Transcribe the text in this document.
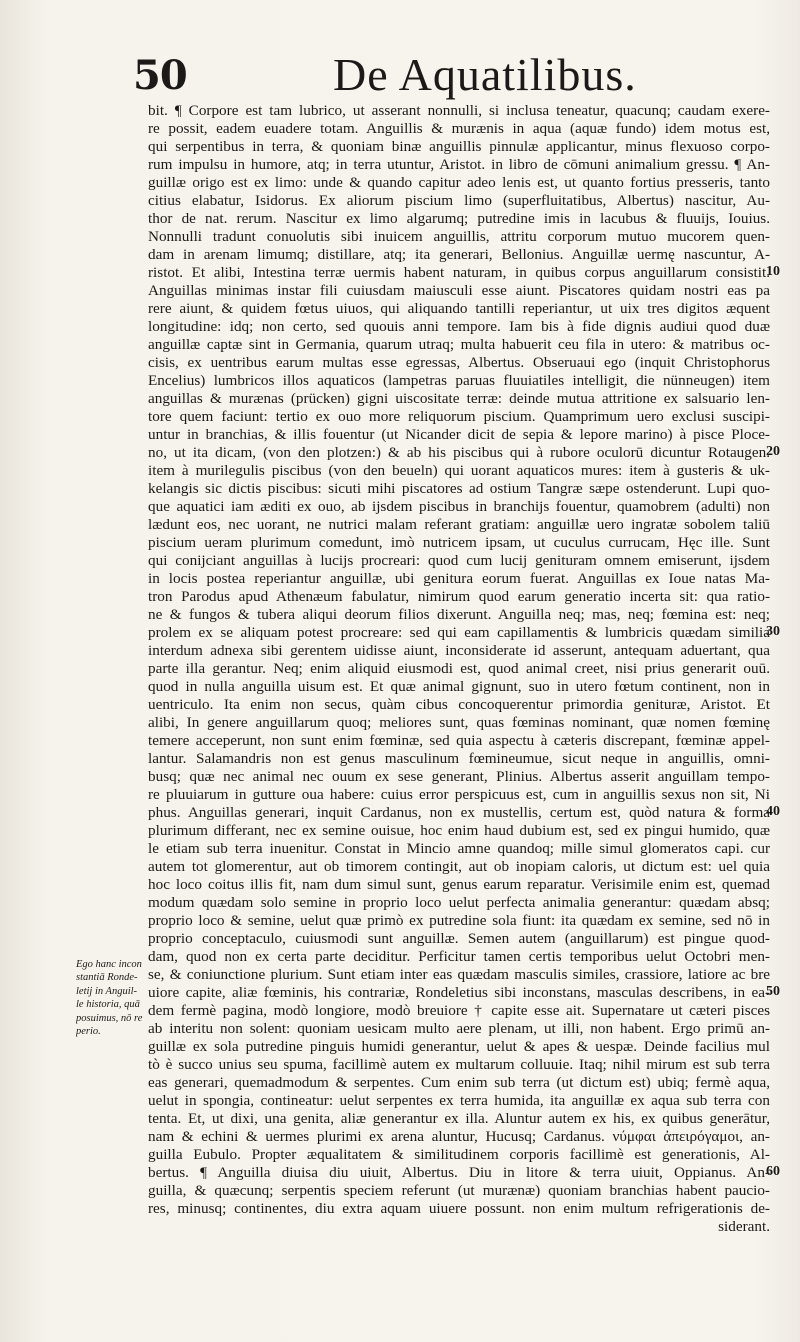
50	De Aquatilibus.
bit. ¶ Corpore est tam lubrico, ut asserant nonnulli, si inclusa teneatur, quacunq; caudam exere-
re possit, eadem euadere totam. Anguillis & murænis in aqua (aquæ fundo) idem motus est,
qui serpentibus in terra, & quoniam binæ anguillis pinnulæ applicantur, minus flexuoso corpo-
rum impulsu in humore, atq; in terra utuntur, Aristot. in libro de cōmuni animalium gressu. ¶ An-
guillæ origo est ex limo: unde & quando capitur adeo lenis est, ut quanto fortius presseris, tanto
citius elabatur, Isidorus. Ex aliorum piscium limo (superfluitatibus, Albertus) nascitur, Au-
thor de nat. rerum. Nascitur ex limo algarumq; putredine imis in lacubus & fluuijs, Iouius.
Nonnulli tradunt conuolutis sibi inuicem anguillis, attritu corporum mutuo mucorem quen-
dam in arenam limumq; distillare, atq; ita generari, Bellonius. Anguillæ uermę nascuntur, A-
ristot. Et alibi, Intestina terræ uermis habent naturam, in quibus corpus anguillarum consistit.
Anguillas minimas instar fili cuiusdam maiusculi esse aiunt. Piscatores quidam nostri eas pa
rere aiunt, & quidem fœtus uiuos, qui aliquando tantilli reperiantur, ut uix tres digitos æquent
longitudine: idq; non certo, sed quouis anni tempore. Iam bis à fide dignis audiui quod duæ
anguillæ captæ sint in Germania, quarum utraq; multa habuerit ceu fila in utero: & matribus oc-
cisis, ex uentribus earum multas esse egressas, Albertus. Obseruaui ego (inquit Christophorus
Encelius) lumbricos illos aquaticos (lampetras paruas fluuiatiles intelligit, die nünneugen) item
anguillas & murænas (prücken) gigni uiscositate terræ: deinde mutua attritione ex salsuario len-
tore quem faciunt: tertio ex ouo more reliquorum piscium. Quamprimum uero exclusi suscipi-
untur in branchias, & illis fouentur (ut Nicander dicit de sepia & lepore marino) à pisce Ploce-
no, ut ita dicam, (von den plotzen:) & ab his piscibus qui à rubore oculorū dicuntur Rotaugen.
item à murilegulis piscibus (von den beueln) qui uorant aquaticos mures: item à gusteris & uk-
kelangis sic dictis piscibus: sicuti mihi piscatores ad ostium Tangræ sæpe ostenderunt. Lupi quo-
que aquatici iam æditi ex ouo, ab ijsdem piscibus in branchijs fouentur, quamobrem (adulti) non
lædunt eos, nec uorant, ne nutrici malam referant gratiam: anguillæ uero ingratæ sobolem taliū
piscium ueram plurimum comedunt, imò nutricem ipsam, ut cuculus currucam, Hęc ille. Sunt
qui conijciant anguillas à lucijs procreari: quod cum lucij genituram omnem emiserunt, ijsdem
in locis postea reperiantur anguillæ, ubi genitura eorum fuerat. Anguillas ex Ioue natas Ma-
tron Parodus apud Athenæum fabulatur, nimirum quod earum generatio incerta sit: qua ratio-
ne & fungos & tubera aliqui deorum filios dixerunt. Anguilla neq; mas, neq; fœmina est: neq;
prolem ex se aliquam potest procreare: sed qui eam capillamentis & lumbricis quædam similia
interdum adnexa sibi gerentem uidisse aiunt, inconsiderate id asserunt, antequam aduertant, qua
parte illa gerantur. Neq; enim aliquid eiusmodi est, quod animal creet, nisi prius generarit ouū.
quod in nulla anguilla uisum est. Et quæ animal gignunt, suo in utero fœtum continent, non in
uentriculo. Ita enim non secus, quàm cibus concoquerentur primordia genituræ, Aristot. Et
alibi, In genere anguillarum quoq; meliores sunt, quas fœminas nominant, quæ nomen fœminę
temere acceperunt, non sunt enim fœminæ, sed quia aspectu à cæteris discrepant, fœminæ appel-
lantur. Salamandris non est genus masculinum fœmineumue, sicut neque in anguillis, omni-
busq; quæ nec animal nec ouum ex sese generant, Plinius. Albertus asserit anguillam tempo-
re pluuiarum in gutture oua habere: cuius error perspicuus est, cum in anguillis sexus non sit, Ni
phus. Anguillas generari, inquit Cardanus, non ex mustellis, certum est, quòd natura & forma
plurimum differant, nec ex semine ouisue, hoc enim haud dubium est, sed ex pingui humido, quæ
le etiam sub terra inuenitur. Constat in Mincio amne quandoq; mille simul glomeratos capi. cur
autem tot glomerentur, aut ob timorem contingit, aut ob inopiam caloris, ut dictum est: uel quia
hoc loco coitus illis fit, nam dum simul sunt, genus earum reparatur. Verisimile enim est, quemad
modum quædam solo semine in proprio loco uelut perfecta animalia generantur: quædam absq;
proprio loco & semine, uelut quæ primò ex putredine sola fiunt: ita quædam ex semine, sed nō in
proprio conceptaculo, cuiusmodi sunt anguillæ. Semen autem (anguillarum) est pingue quod-
dam, quod non ex certa parte deciditur. Perficitur tamen certis temporibus uelut Octobri men-
se, & coniunctione plurium. Sunt etiam inter eas quædam masculis similes, crassiore, latiore ac bre
uiore capite, aliæ fœminis, his contrariæ, Rondeletius sibi inconstans, masculas describens, in ea-
dem fermè pagina, modò longiore, modò breuiore † capite esse ait. Supernatare ut cæteri pisces
ab interitu non solent: quoniam uesicam multo aere plenam, ut illi, non habent. Ergo primū an-
guillæ ex sola putredine pinguis humidi generantur, uelut & apes & uespæ. Deinde facilius mul
tò è succo unius seu spuma, facillimè autem ex multarum colluuie. Itaq; nihil mirum est sub terra
eas generari, quemadmodum & serpentes. Cum enim sub terra (ut dictum est) ubiq; fermè aqua,
uelut in spongia, contineatur: uelut serpentes ex terra humida, ita anguillæ ex aqua sub terra con
tenta. Et, ut dixi, una genita, aliæ generantur ex illa. Aluntur autem ex his, ex quibus generātur,
nam & echini & uermes plurimi ex arena aluntur, Hucusq; Cardanus. νύμφαι ἀπειρόγαμοι, an-
guilla Eubulo. Propter æqualitatem & similitudinem corporis facillimè est generationis, Al-
bertus. ¶ Anguilla diuisa diu uiuit, Albertus. Diu in litore & terra uiuit, Oppianus. An-
guilla, & quæcunq; serpentis speciem referunt (ut murænæ) quoniam branchias habent paucio-
res, minusq; continentes, diu extra aquam uiuere possunt. non enim multum refrigerationis de-
siderant.
Ego hanc incon
stantiā Ronde-
letij in Anguil-
le historia, quā
posuimus, nō re
perio.
10
20
30
40
50
60
